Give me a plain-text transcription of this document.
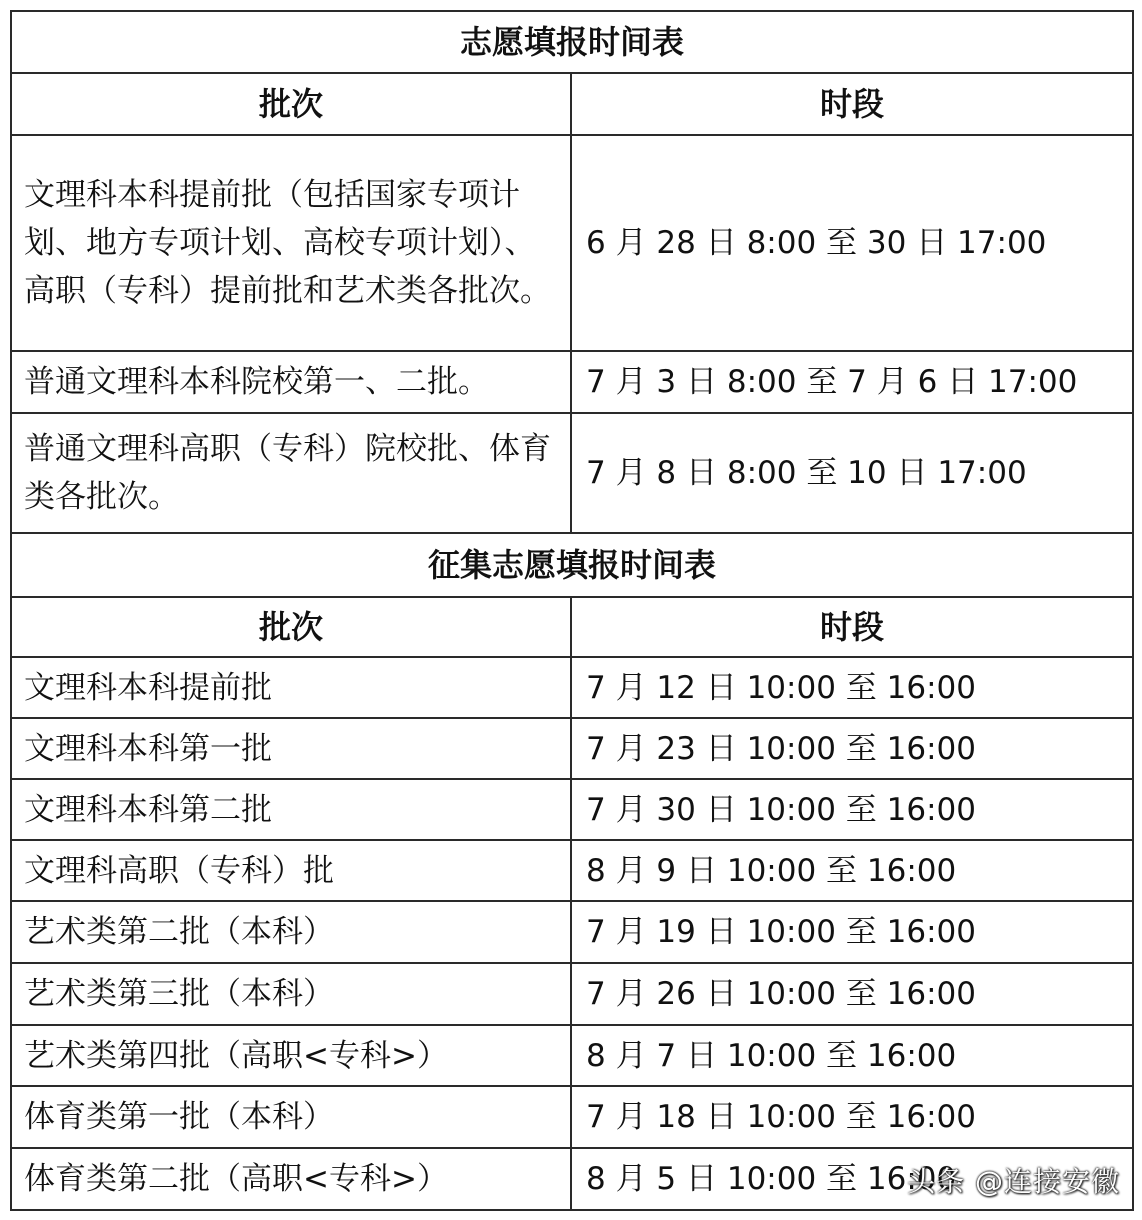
志愿填报时间表	
批次	时段
文理科本科提前批（包括国家专项计划、地方专项计划、高校专项计划）、高职（专科）提前批和艺术类各批次。	6 月 28 日 8:00 至 30 日 17:00
普通文理科本科院校第一、二批。	7 月 3 日 8:00 至 7 月 6 日 17:00
普通文理科高职（专科）院校批、体育类各批次。	7 月 8 日 8:00 至 10 日 17:00
征集志愿填报时间表	
批次	时段
文理科本科提前批	7 月 12 日 10:00 至 16:00
文理科本科第一批	7 月 23 日 10:00 至 16:00
文理科本科第二批	7 月 30 日 10:00 至 16:00
文理科高职（专科）批	8 月 9 日 10:00 至 16:00
艺术类第二批（本科）	7 月 19 日 10:00 至 16:00
艺术类第三批（本科）	7 月 26 日 10:00 至 16:00
艺术类第四批（高职<专科>）	8 月 7 日 10:00 至 16:00
体育类第一批（本科）	7 月 18 日 10:00 至 16:00
体育类第二批（高职<专科>）	8 月 5 日 10:00 至 16:00
头条 @连接安徽
